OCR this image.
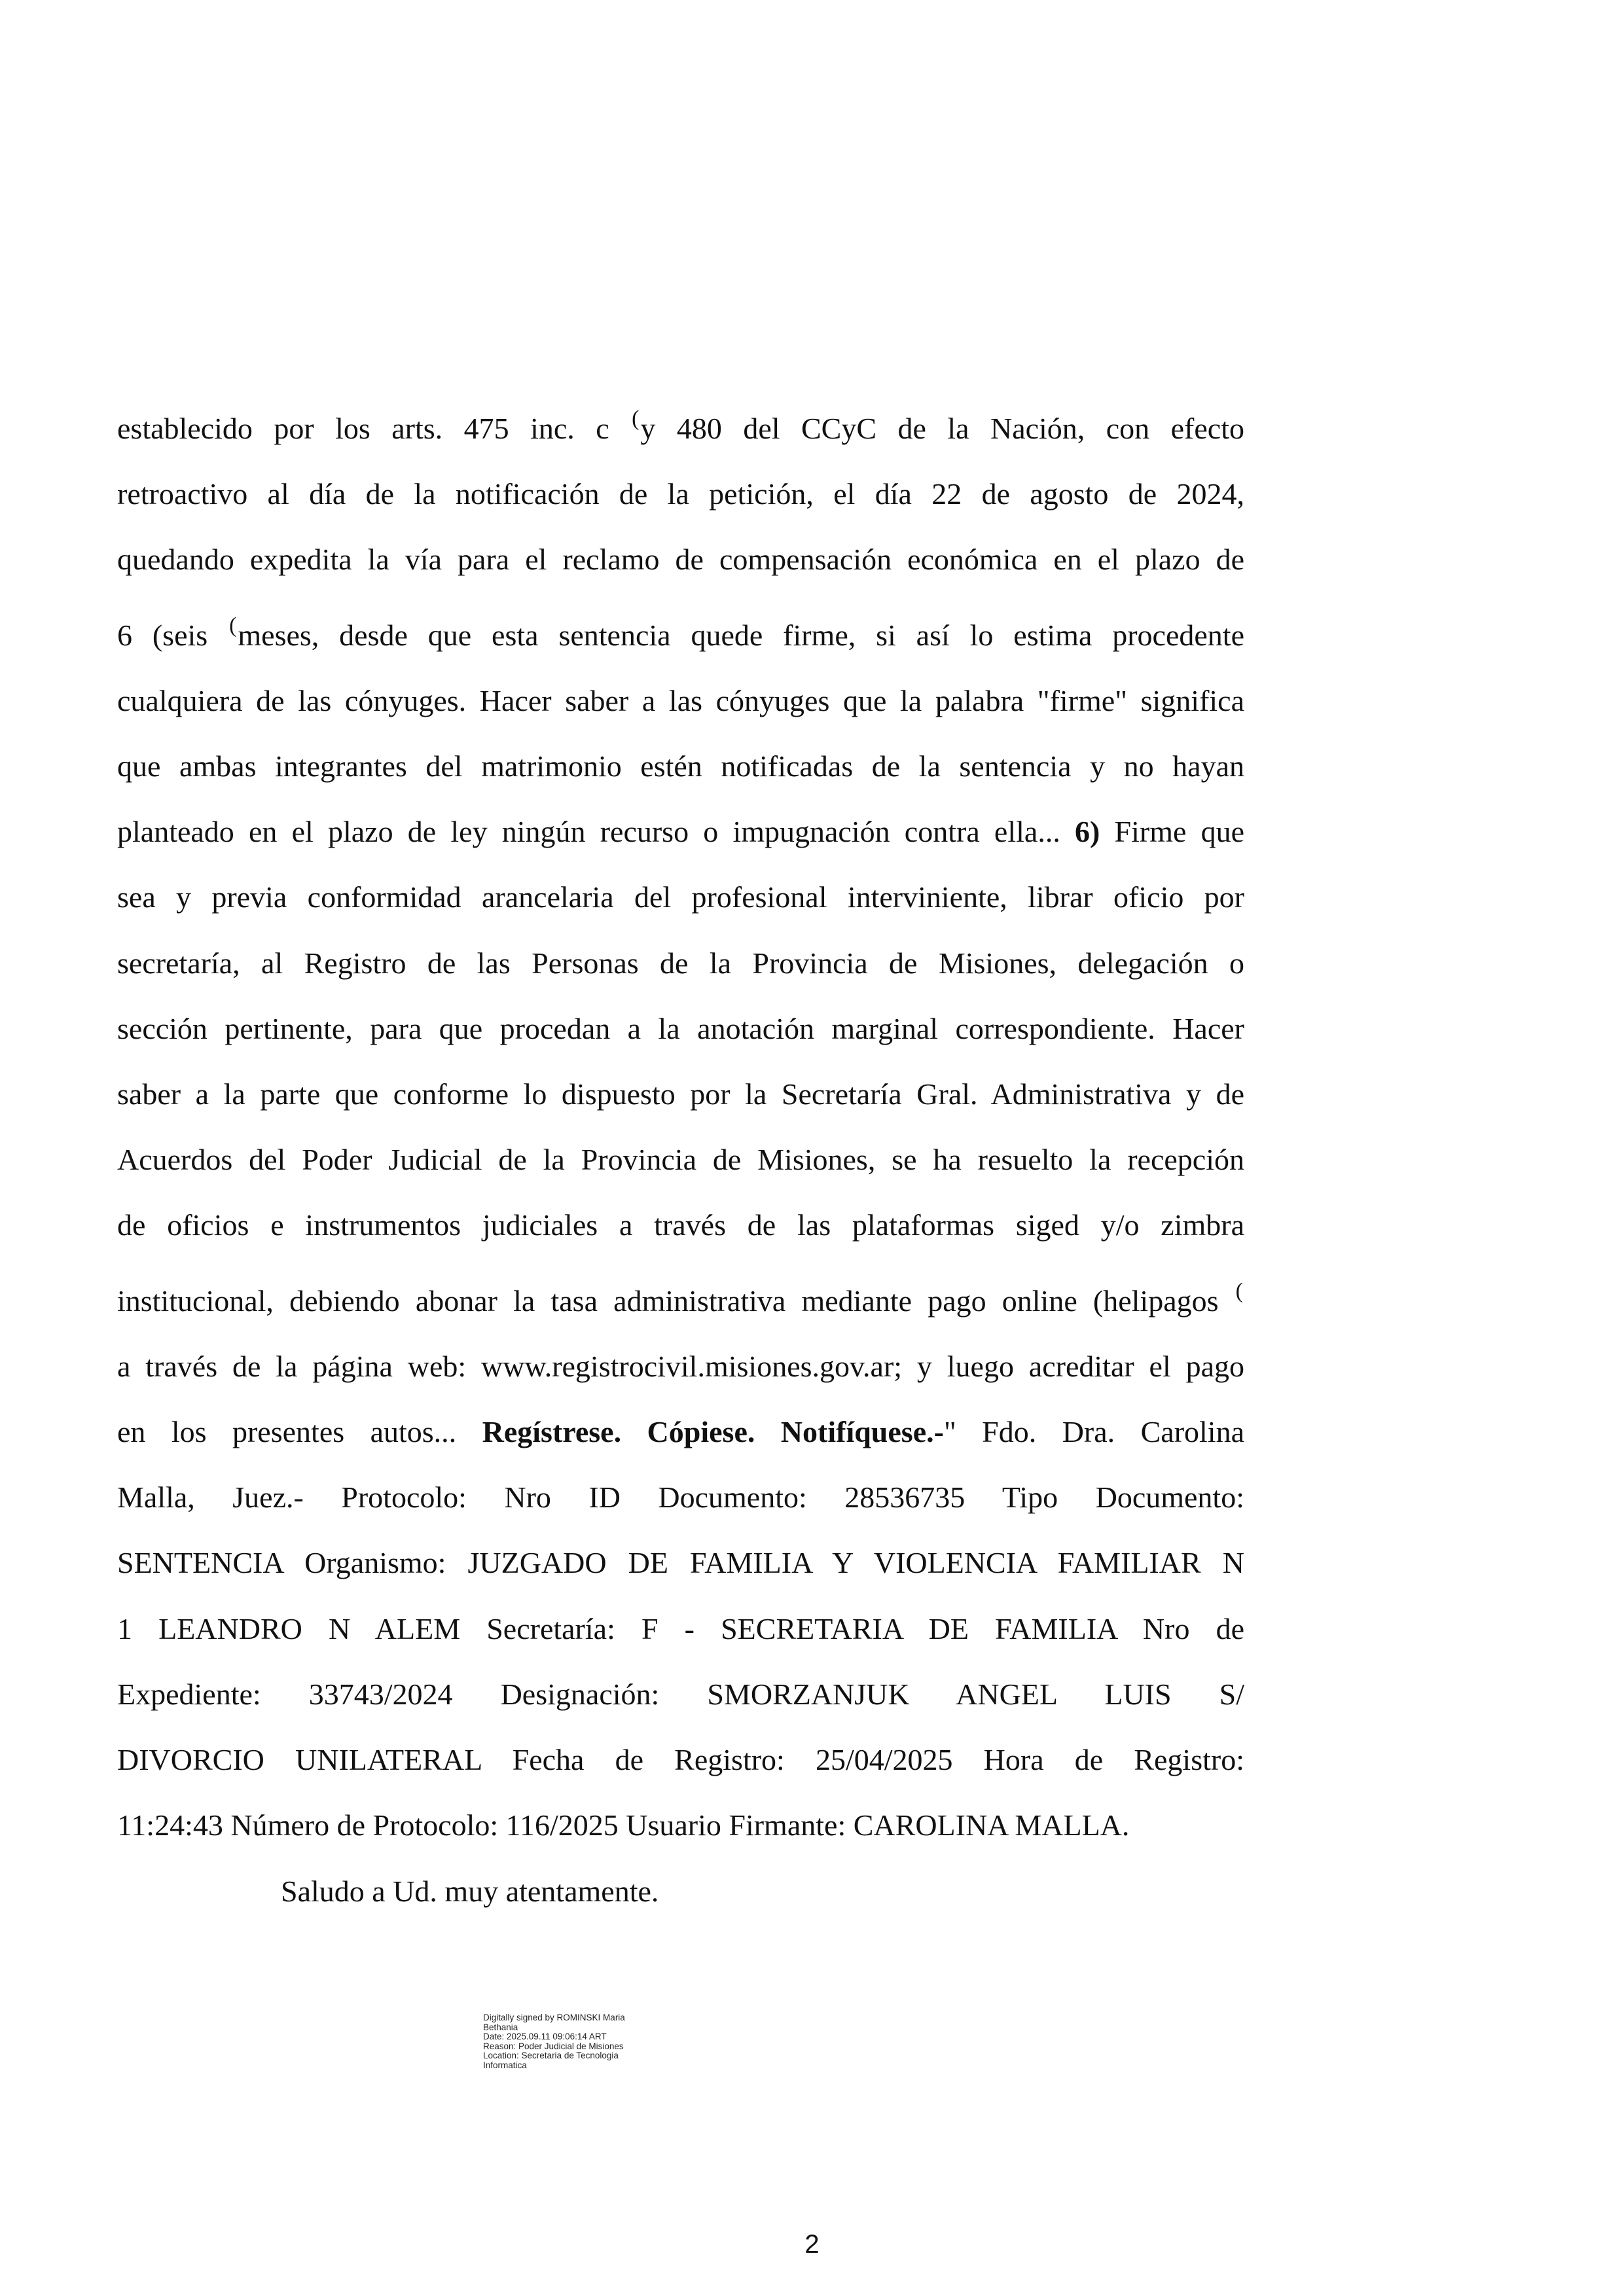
establecido por los arts. 475 inc. c (y 480 del CCyC de la Nación, con efecto
retroactivo al día de la notificación de la petición, el día 22 de agosto de 2024,
quedando expedita la vía para el reclamo de compensación económica en el plazo de
6 (seis (meses, desde que esta sentencia quede firme, si así lo estima procedente
cualquiera de las cónyuges. Hacer saber a las cónyuges que la palabra "firme" significa
que ambas integrantes del matrimonio estén notificadas de la sentencia y no hayan
planteado en el plazo de ley ningún recurso o impugnación contra ella... 6) Firme que
sea y previa conformidad arancelaria del profesional interviniente, librar oficio por
secretaría, al Registro de las Personas de la Provincia de Misiones, delegación o
sección pertinente, para que procedan a la anotación marginal correspondiente. Hacer
saber a la parte que conforme lo dispuesto por la Secretaría Gral. Administrativa y de
Acuerdos del Poder Judicial de la Provincia de Misiones, se ha resuelto la recepción
de oficios e instrumentos judiciales a través de las plataformas siged y/o zimbra
institucional, debiendo abonar la tasa administrativa mediante pago online (helipagos (
a través de la página web: www.registrocivil.misiones.gov.ar; y luego acreditar el pago
en los presentes autos... Regístrese. Cópiese. Notifíquese.-" Fdo. Dra. Carolina
Malla, Juez.- Protocolo: Nro ID Documento: 28536735 Tipo Documento:
SENTENCIA Organismo: JUZGADO DE FAMILIA Y VIOLENCIA FAMILIAR N
1 LEANDRO N ALEM Secretaría: F - SECRETARIA DE FAMILIA Nro de
Expediente: 33743/2024 Designación: SMORZANJUK ANGEL LUIS S/
DIVORCIO UNILATERAL Fecha de Registro: 25/04/2025 Hora de Registro:
11:24:43 Número de Protocolo: 116/2025 Usuario Firmante: CAROLINA MALLA.
Saludo a Ud. muy atentamente.
Digitally signed by ROMINSKI Maria
Bethania
Date: 2025.09.11 09:06:14 ART
Reason: Poder Judicial de Misiones
Location: Secretaria de Tecnologia
Informatica
2
